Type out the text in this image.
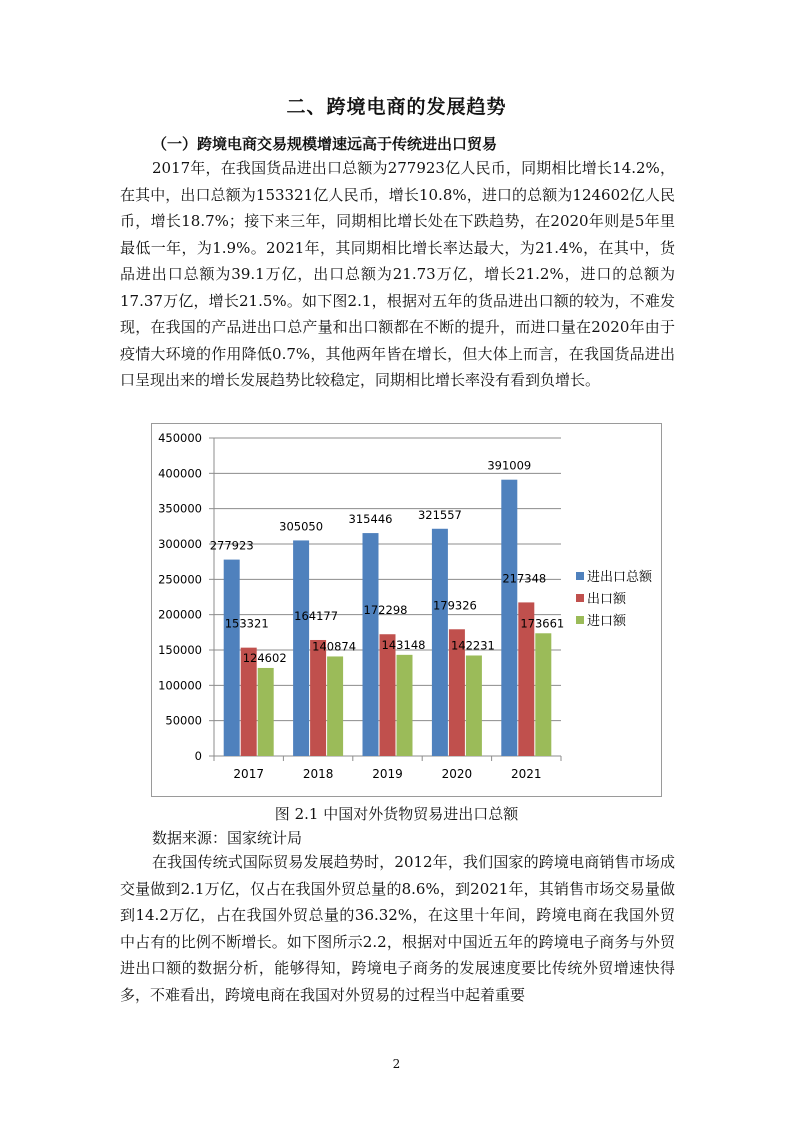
二、跨境电商的发展趋势
（一）跨境电商交易规模增速远高于传统进出口贸易

2017年，在我国货品进出口总额为277923亿人民币，同期相比增长14.2%，在其中，出口总额为153321亿人民币，增长10.8%，进口的总额为124602亿人民币，增长18.7%；接下来三年，同期相比增长处在下跌趋势，在2020年则是5年里最低一年，为1.9%。2021年，其同期相比增长率达最大，为21.4%，在其中，货品进出口总额为39.1万亿，出口总额为21.73万亿，增长21.2%，进口的总额为17.37万亿，增长21.5%。如下图2.1，根据对五年的货品进出口额的较为，不难发现，在我国的产品进出口总产量和出口额都在不断的提升，而进口量在2020年由于疫情大环境的作用降低0.7%，其他两年皆在增长，但大体上而言，在我国货品进出口呈现出来的增长发展趋势比较稳定，同期相比增长率没有看到负增长。

0
50000
100000
150000
200000
250000
300000
350000
400000
450000
2017
277923
153321
124602
2018
305050
164177
140874
2019
315446
172298
143148
2020
321557
179326
142231
2021
391009
217348
173661
进出口总额
出口额
进口额
图 2.1 中国对外货物贸易进出口总额
数据来源：国家统计局

在我国传统式国际贸易发展趋势时，2012年，我们国家的跨境电商销售市场成交量做到2.1万亿，仅占在我国外贸总量的8.6%，到2021年，其销售市场交易量做到14.2万亿，占在我国外贸总量的36.32%，在这里十年间，跨境电商在我国外贸中占有的比例不断增长。如下图所示2.2，根据对中国近五年的跨境电子商务与外贸进出口额的数据分析，能够得知，跨境电子商务的发展速度要比传统外贸增速快得多，不难看出，跨境电商在我国对外贸易的过程当中起着重要

2
